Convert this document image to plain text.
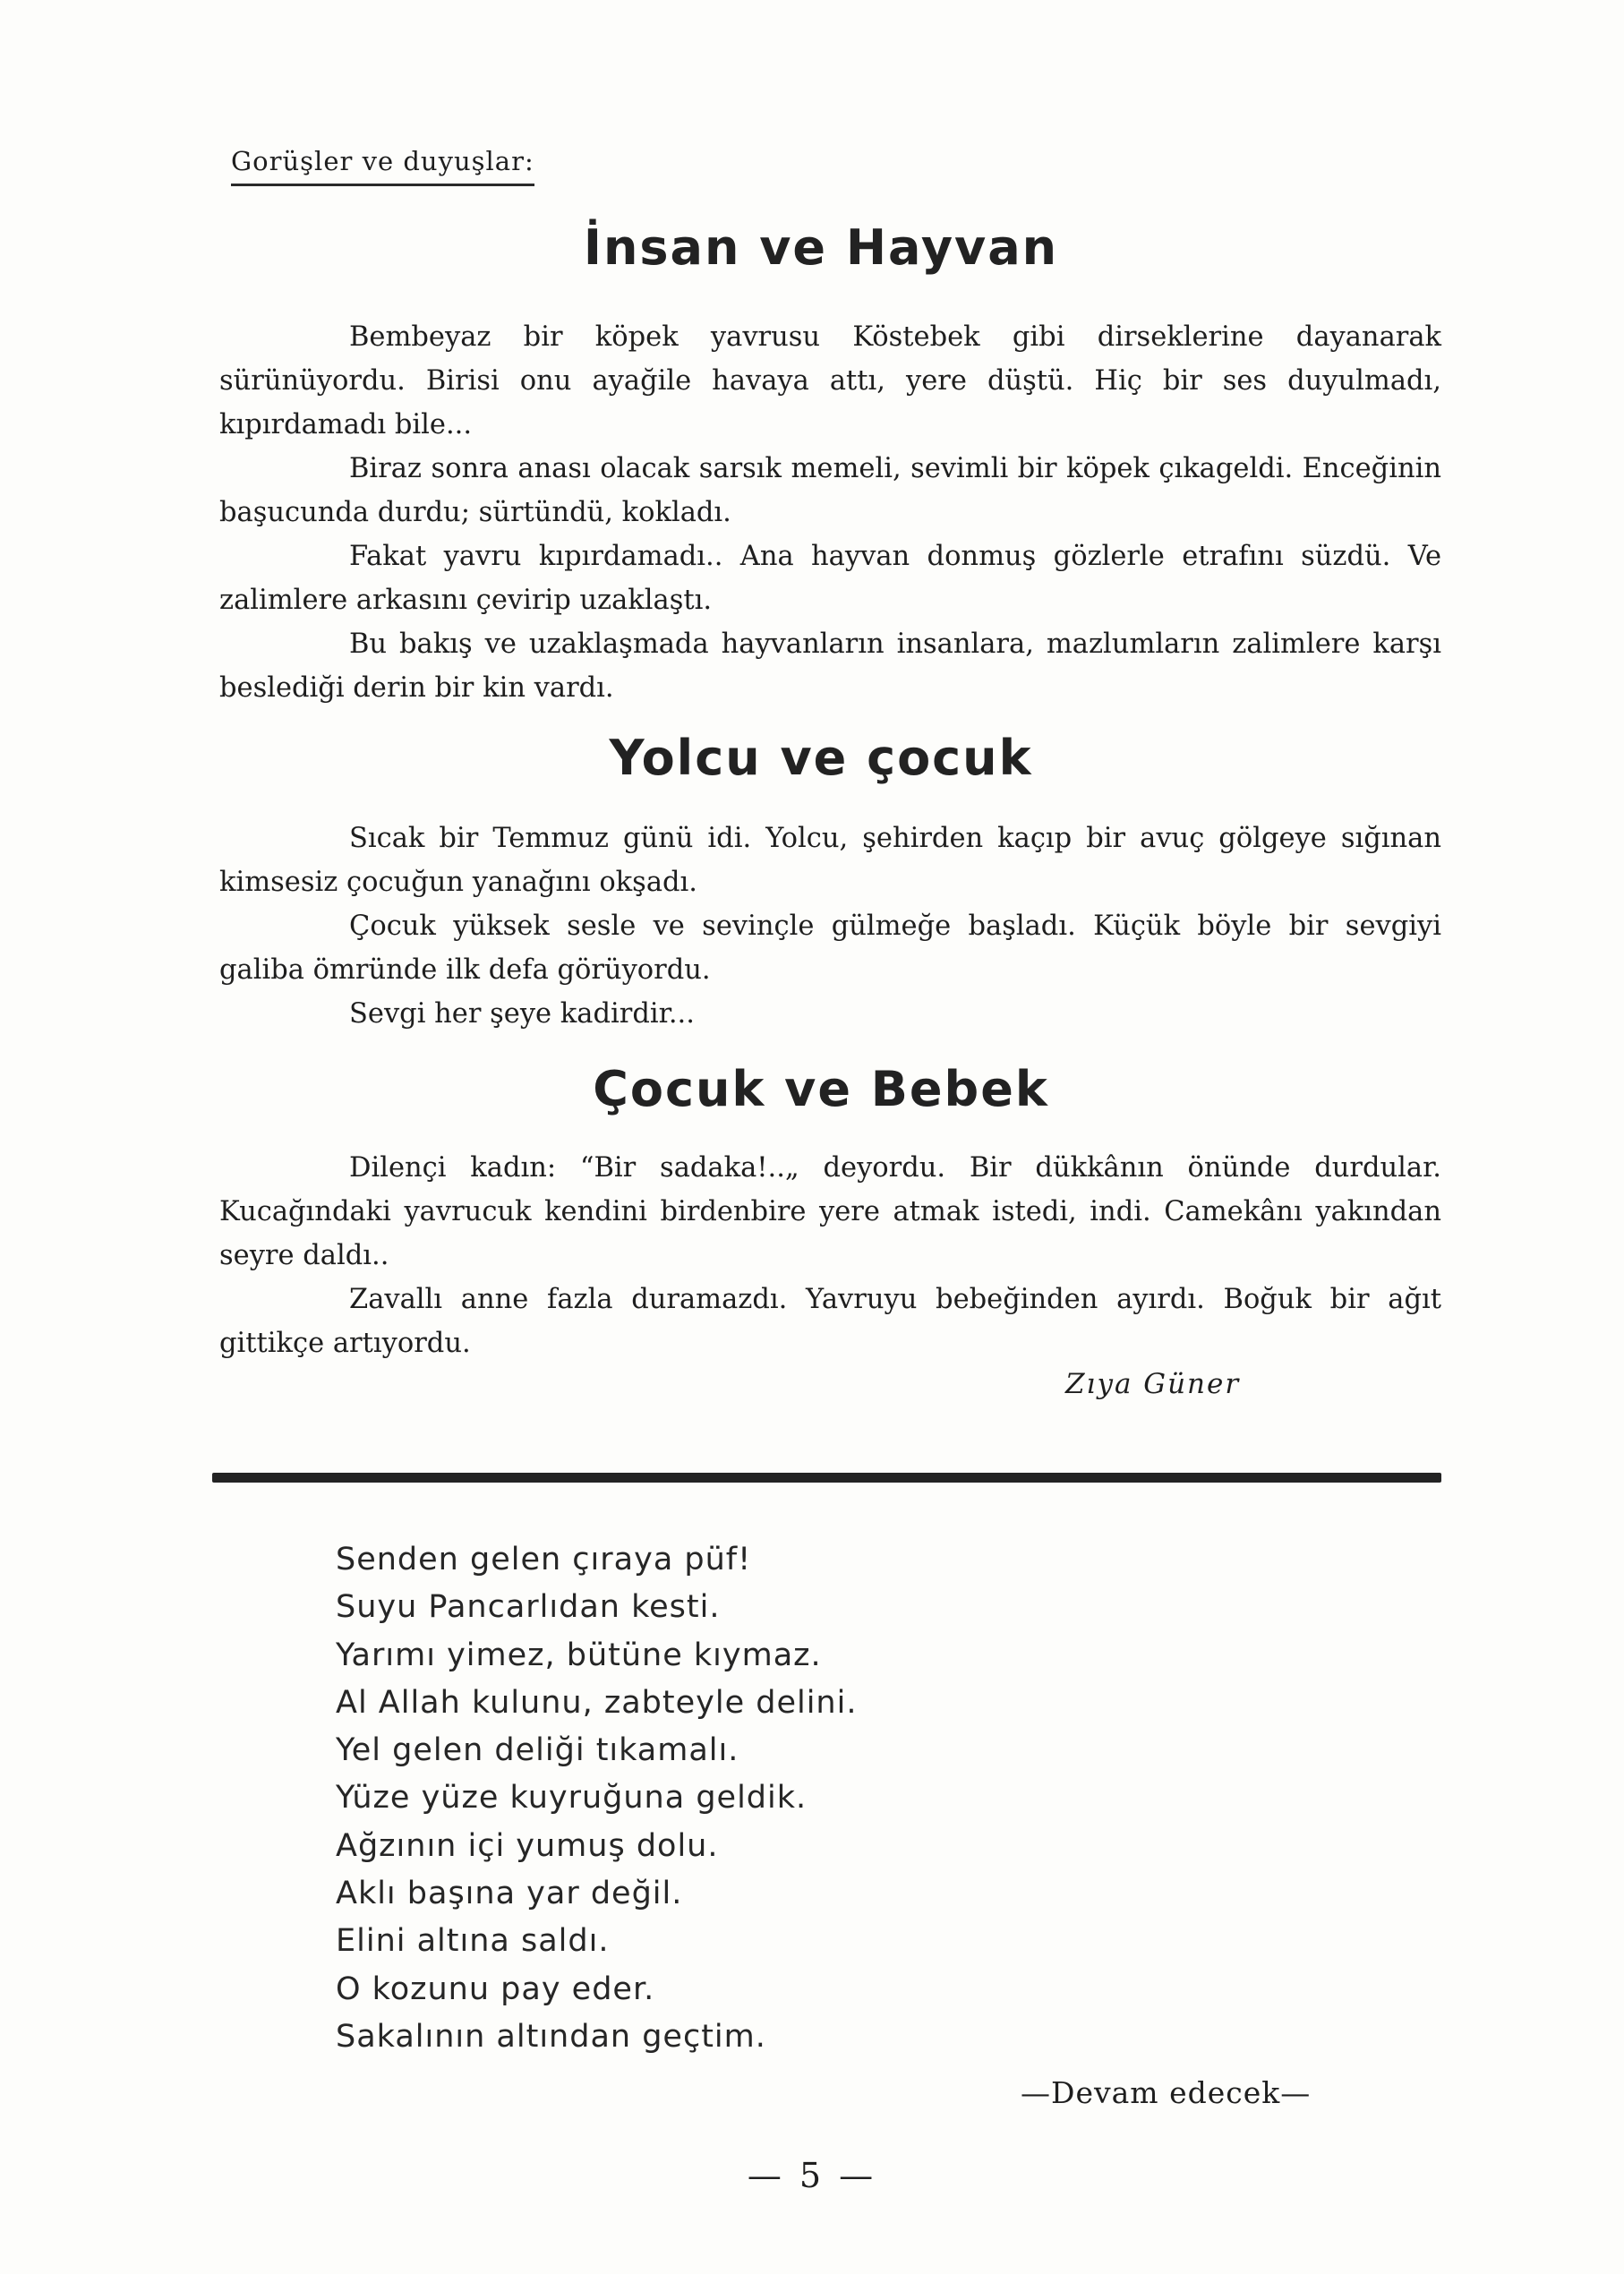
Gorüşler ve duyuşlar:
İnsan ve Hayvan

Bembeyaz bir köpek yavrusu Köstebek gibi dirseklerine dayanarak sürünüyordu. Birisi onu ayağile havaya attı, yere düştü. Hiç bir ses duyulmadı, kıpırdamadı bile...

Biraz sonra anası olacak sarsık memeli, sevimli bir köpek çıkageldi. Enceğinin başucunda durdu; sürtündü, kokladı.

Fakat yavru kıpırdamadı.. Ana hayvan donmuş gözlerle etrafını süzdü. Ve zalimlere arkasını çevirip uzaklaştı.

Bu bakış ve uzaklaşmada hayvanların insanlara, mazlumların zalimlere karşı beslediği derin bir kin vardı.

Yolcu ve çocuk

Sıcak bir Temmuz günü idi. Yolcu, şehirden kaçıp bir avuç gölgeye sığınan kimsesiz çocuğun yanağını okşadı.

Çocuk yüksek sesle ve sevinçle gülmeğe başladı. Küçük böyle bir sevgiyi galiba ömründe ilk defa görüyordu.

Sevgi her şeye kadirdir...

Çocuk ve Bebek

Dilençi kadın: “Bir sadaka!..„ deyordu. Bir dükkânın önünde durdular. Kucağındaki yavrucuk kendini birdenbire yere atmak istedi, indi. Camekânı yakından seyre daldı..

Zavallı anne fazla duramazdı. Yavruyu bebeğinden ayırdı. Boğuk bir ağıt gittikçe artıyordu.

Zıya Güner
Senden gelen çıraya püf!
Suyu Pancarlıdan kesti.
Yarımı yimez, bütüne kıymaz.
Al Allah kulunu, zabteyle delini.
Yel gelen deliği tıkamalı.
Yüze yüze kuyruğuna geldik.
Ağzının içi yumuş dolu.
Aklı başına yar değil.
Elini altına saldı.
O kozunu pay eder.
Sakalının altından geçtim.
—Devam edecek—
— 5 —
